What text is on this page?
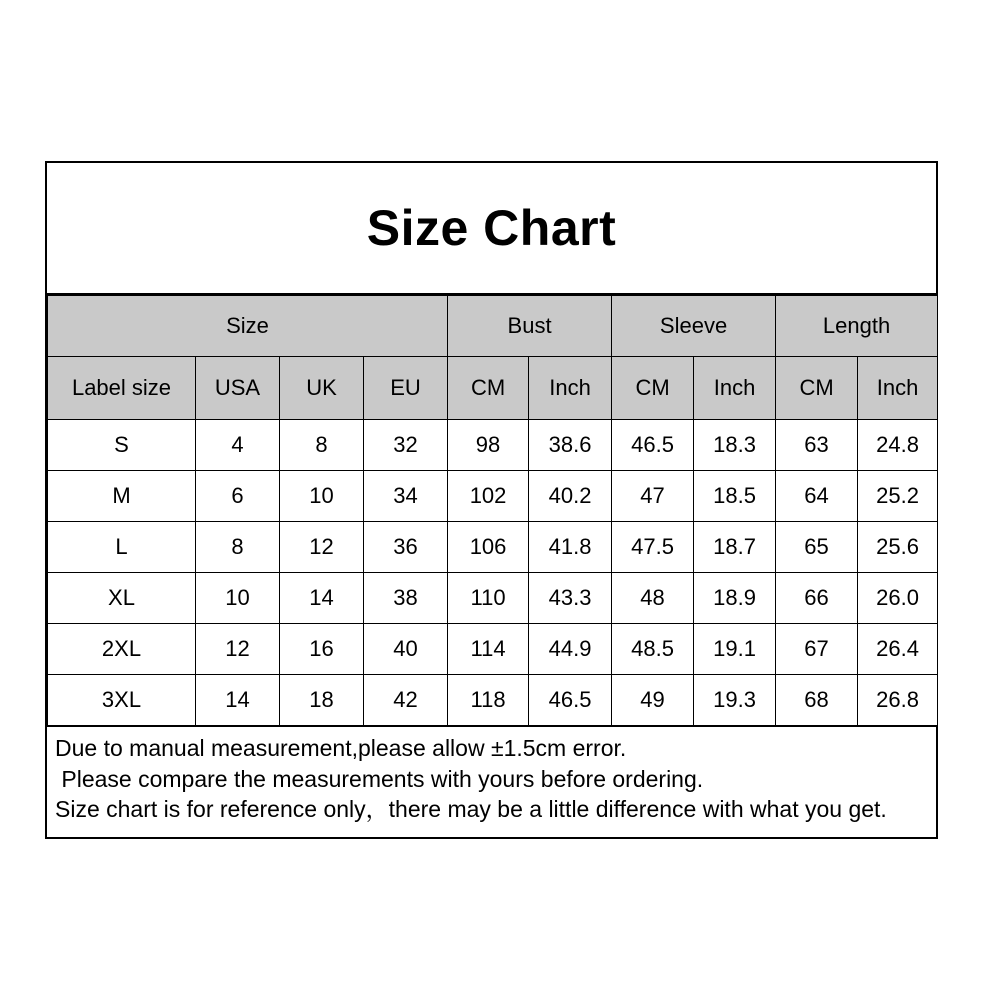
Size Chart
Size				Bust		Sleeve		Length	
Label size	USA	UK	EU	CM	Inch	CM	Inch	CM	Inch
S	4	8	32	98	38.6	46.5	18.3	63	24.8
M	6	10	34	102	40.2	47	18.5	64	25.2
L	8	12	36	106	41.8	47.5	18.7	65	25.6
XL	10	14	38	110	43.3	48	18.9	66	26.0
2XL	12	16	40	114	44.9	48.5	19.1	67	26.4
3XL	14	18	42	118	46.5	49	19.3	68	26.8

Due to manual measurement,please allow ±1.5cm error.

Please compare the measurements with yours before ordering.

Size chart is for reference only，there may be a little difference with what you get.
